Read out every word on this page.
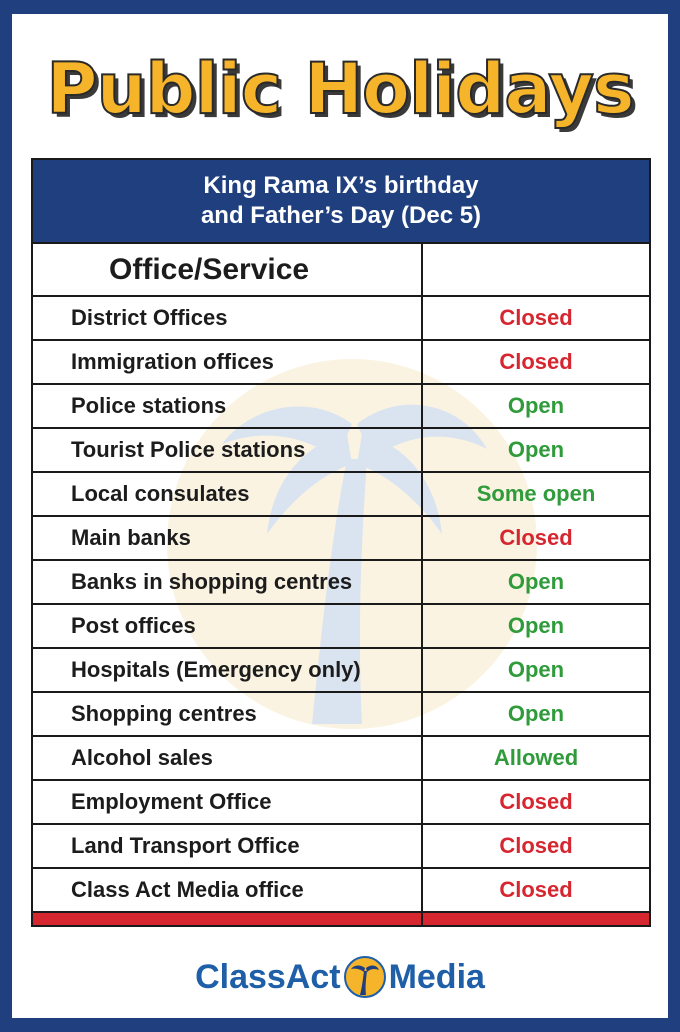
Public Holidays
King Rama IX’s birthday
and Father’s Day (Dec 5)
Office/Service
District Offices	Closed
Immigration offices	Closed
Police stations	Open
Tourist Police stations	Open
Local consulates	Some open
Main banks	Closed
Banks in shopping centres	Open
Post offices	Open
Hospitals (Emergency only)	Open
Shopping centres	Open
Alcohol sales	Allowed
Employment Office	Closed
Land Transport Office	Closed
Class Act Media office	Closed
ClassAct Media
